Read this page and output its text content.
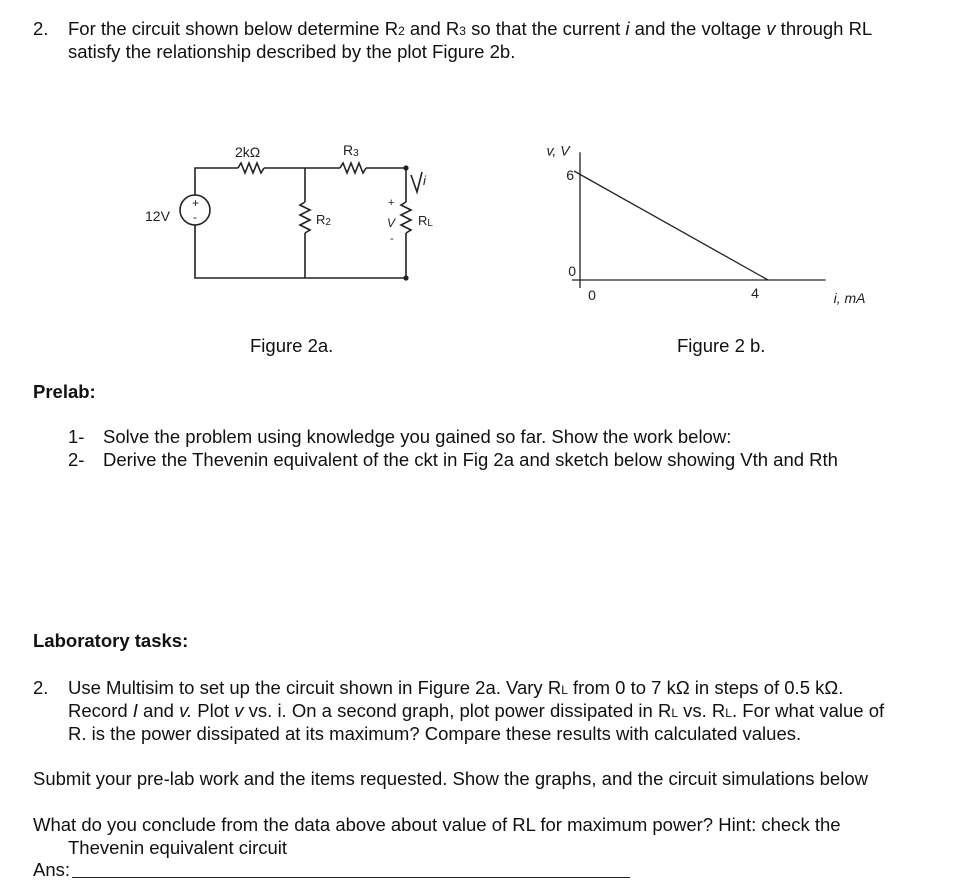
2. For the circuit shown below determine R2 and R3 so that the current i and the voltage v through RL
satisfy the relationship described by the plot Figure 2b.
12V
+
-
2kΩ	R3
R2	RL
+
V
-
i
Figure 2a.
v, V
i, mA
0
6
0	4
Figure 2 b.
Prelab:
1- Solve the problem using knowledge you gained so far. Show the work below:
2- Derive the Thevenin equivalent of the ckt in Fig 2a and sketch below showing Vth and Rth
Laboratory tasks:
2. Use Multisim to set up the circuit shown in Figure 2a. Vary RL from 0 to 7 kΩ in steps of 0.5 kΩ.
Record I and v. Plot v vs. i. On a second graph, plot power dissipated in RL vs. RL. For what value of
R. is the power dissipated at its maximum? Compare these results with calculated values.
Submit your pre-lab work and the items requested. Show the graphs, and the circuit simulations below
What do you conclude from the data above about value of RL for maximum power? Hint: check the
Thevenin equivalent circuit
Ans:
